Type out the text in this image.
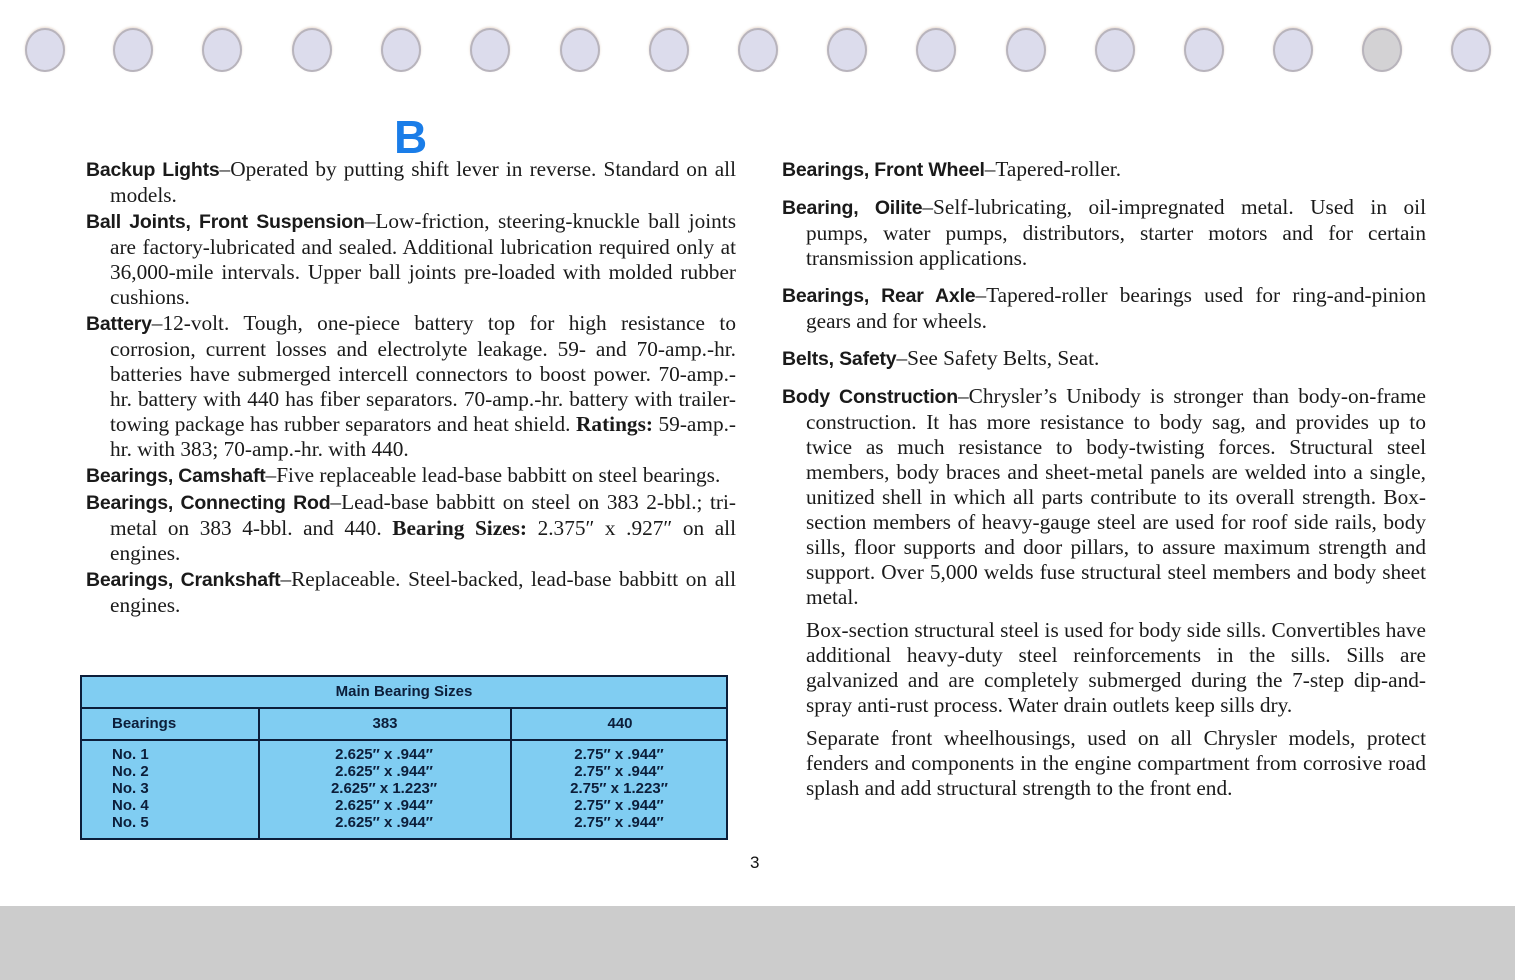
B

Backup Lights–Operated by putting shift lever in reverse. Standard on all models.

Ball Joints, Front Suspension–Low-friction, steering-knuckle ball joints are factory-lubricated and sealed. Additional lubrication required only at 36,000-mile intervals. Upper ball joints pre-loaded with molded rubber cushions.

Battery–12-volt. Tough, one-piece battery top for high resistance to corrosion, current losses and electrolyte leakage. 59- and 70-amp.-hr. batteries have submerged intercell connectors to boost power. 70-amp.-hr. battery with 440 has fiber separators. 70-amp.-hr. battery with trailer-towing package has rubber separators and heat shield. Ratings: 59-amp.-hr. with 383; 70-amp.-hr. with 440.

Bearings, Camshaft–Five replaceable lead-base babbitt on steel bearings.

Bearings, Connecting Rod–Lead-base babbitt on steel on 383 2-bbl.; tri-metal on 383 4-bbl. and 440. Bearing Sizes: 2.375″ x .927″ on all engines.

Bearings, Crankshaft–Replaceable. Steel-backed, lead-base babbitt on all engines.

Main Bearing Sizes
Bearings	383	440
No. 1
No. 2
No. 3
No. 4
No. 5
2.625″ x .944″
2.625″ x .944″
2.625″ x 1.223″
2.625″ x .944″
2.625″ x .944″
2.75″ x .944″
2.75″ x .944″
2.75″ x 1.223″
2.75″ x .944″
2.75″ x .944″

Bearings, Front Wheel–Tapered-roller.

Bearing, Oilite–Self-lubricating, oil-impregnated metal. Used in oil pumps, water pumps, distributors, starter motors and for certain transmission applications.

Bearings, Rear Axle–Tapered-roller bearings used for ring-and-pinion gears and for wheels.

Belts, Safety–See Safety Belts, Seat.

Body Construction–Chrysler’s Unibody is stronger than body-on-frame construction. It has more resistance to body sag, and provides up to twice as much resistance to body-twisting forces. Structural steel members, body braces and sheet-metal panels are welded into a single, unitized shell in which all parts contribute to its overall strength. Box-section members of heavy-gauge steel are used for roof side rails, body sills, floor supports and door pillars, to assure maximum strength and support. Over 5,000 welds fuse structural steel members and body sheet metal.

Box-section structural steel is used for body side sills. Convertibles have additional heavy-duty steel reinforcements in the sills. Sills are galvanized and are completely submerged during the 7-step dip-and-spray anti-rust process. Water drain outlets keep sills dry.

Separate front wheelhousings, used on all Chrysler models, protect fenders and components in the engine compartment from corrosive road splash and add structural strength to the front end.

3
